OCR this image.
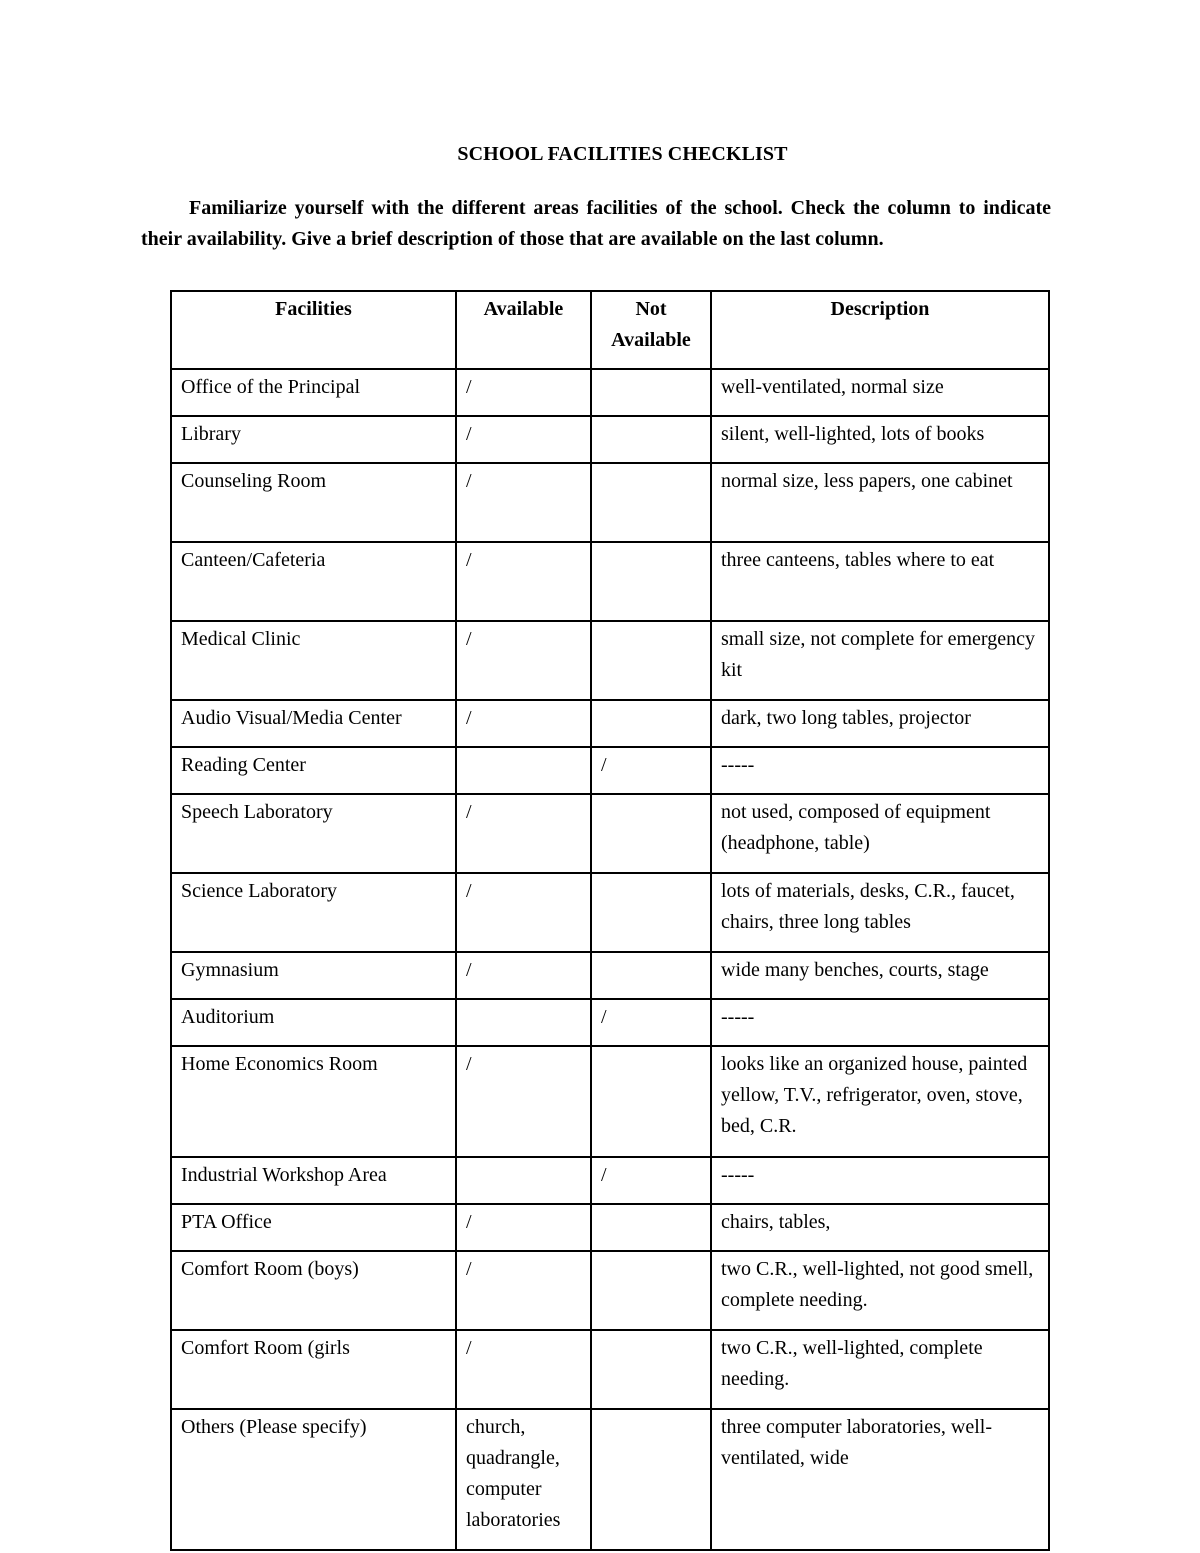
SCHOOL FACILITIES CHECKLIST
Familiarize yourself with the different areas facilities of the school. Check the column to indicate their availability. Give a brief description of those that are available on the last column.
Facilities	Available	Not Available	Description
Office of the Principal	/		well-ventilated, normal size
Library	/		silent, well-lighted, lots of books
Counseling Room	/		normal size, less papers, one cabinet
Canteen/Cafeteria	/		three canteens, tables where to eat
Medical Clinic	/		small size, not complete for emergency kit
Audio Visual/Media Center	/		dark, two long tables, projector
Reading Center		/	-----
Speech Laboratory	/		not used, composed of equipment (headphone, table)
Science Laboratory	/		lots of materials, desks, C.R., faucet, chairs, three long tables
Gymnasium	/		wide many benches, courts, stage
Auditorium		/	-----
Home Economics Room	/		looks like an organized house, painted yellow, T.V., refrigerator, oven, stove, bed, C.R.
Industrial Workshop Area		/	-----
PTA Office	/		chairs, tables,
Comfort Room (boys)	/		two C.R., well-lighted, not good smell, complete needing.
Comfort Room (girls	/		two C.R., well-lighted, complete needing.
Others (Please specify)	church, quadrangle, computer laboratories		three computer laboratories, well-ventilated, wide
